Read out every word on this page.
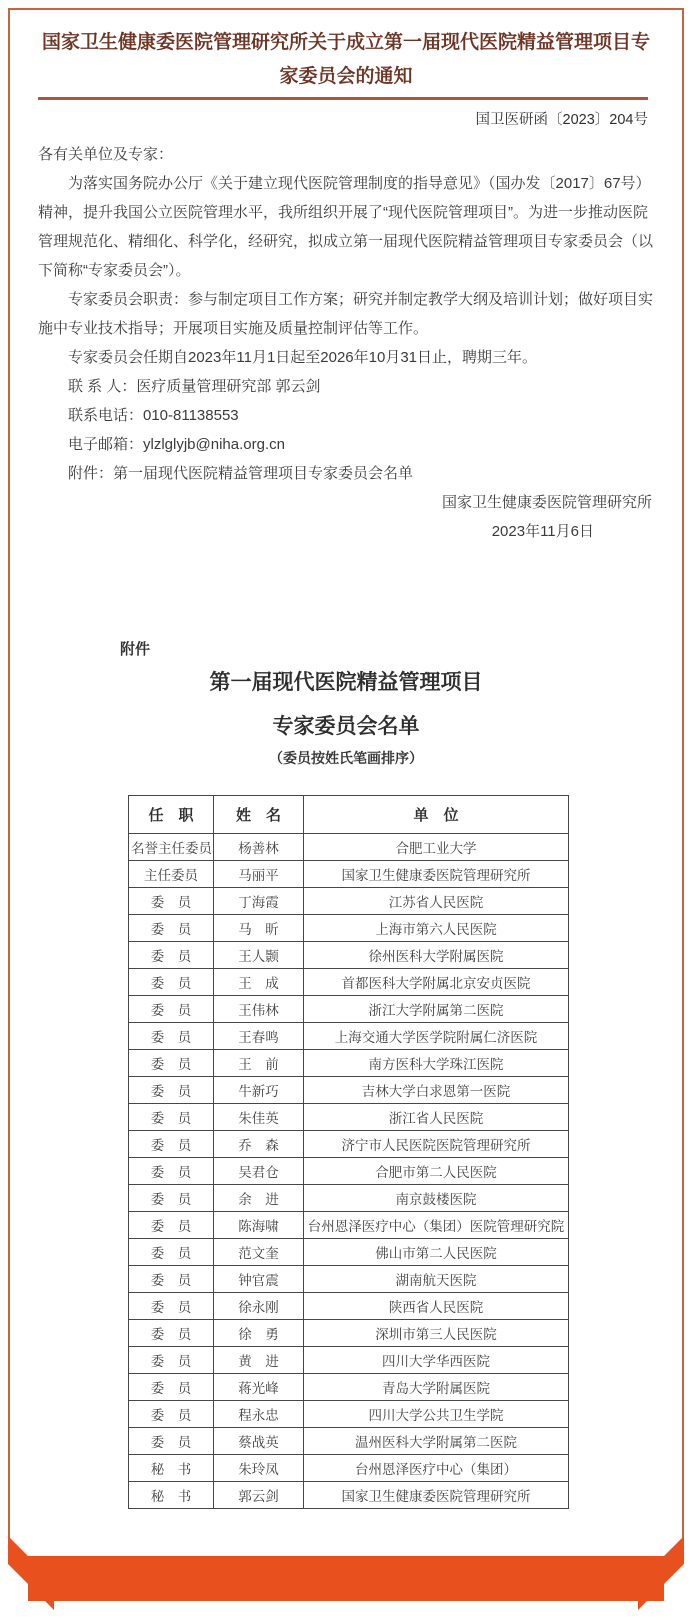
国家卫生健康委医院管理研究所关于成立第一届现代医院精益管理项目专家委员会的通知
国卫医研函〔2023〕204号

各有关单位及专家：

为落实国务院办公厅《关于建立现代医院管理制度的指导意见》（国办发〔2017〕67号）精神，提升我国公立医院管理水平，我所组织开展了“现代医院管理项目”。为进一步推动医院管理规范化、精细化、科学化，经研究，拟成立第一届现代医院精益管理项目专家委员会（以下简称“专家委员会”）。

专家委员会职责：参与制定项目工作方案；研究并制定教学大纲及培训计划；做好项目实施中专业技术指导；开展项目实施及质量控制评估等工作。

专家委员会任期自2023年11月1日起至2026年10月31日止，聘期三年。

联 系 人：医疗质量管理研究部 郭云剑

联系电话：010-81138553

电子邮箱：ylzlglyjb@niha.org.cn

附件：第一届现代医院精益管理项目专家委员会名单

国家卫生健康委医院管理研究所

2023年11月6日

附件
第一届现代医院精益管理项目
专家委员会名单
（委员按姓氏笔画排序）
任　职	姓　名	单　位
名誉主任委员	杨善林	合肥工业大学
主任委员	马丽平	国家卫生健康委医院管理研究所
委　员	丁海霞	江苏省人民医院
委　员	马　昕	上海市第六人民医院
委　员	王人颢	徐州医科大学附属医院
委　员	王　成	首都医科大学附属北京安贞医院
委　员	王伟林	浙江大学附属第二医院
委　员	王春鸣	上海交通大学医学院附属仁济医院
委　员	王　前	南方医科大学珠江医院
委　员	牛新巧	吉林大学白求恩第一医院
委　员	朱佳英	浙江省人民医院
委　员	乔　森	济宁市人民医院医院管理研究所
委　员	吴君仓	合肥市第二人民医院
委　员	余　进	南京鼓楼医院
委　员	陈海啸	台州恩泽医疗中心（集团）医院管理研究院
委　员	范文奎	佛山市第二人民医院
委　员	钟官震	湖南航天医院
委　员	徐永刚	陕西省人民医院
委　员	徐　勇	深圳市第三人民医院
委　员	黄　进	四川大学华西医院
委　员	蒋光峰	青岛大学附属医院
委　员	程永忠	四川大学公共卫生学院
委　员	蔡战英	温州医科大学附属第二医院
秘　书	朱玲凤	台州恩泽医疗中心（集团）
秘　书	郭云剑	国家卫生健康委医院管理研究所
